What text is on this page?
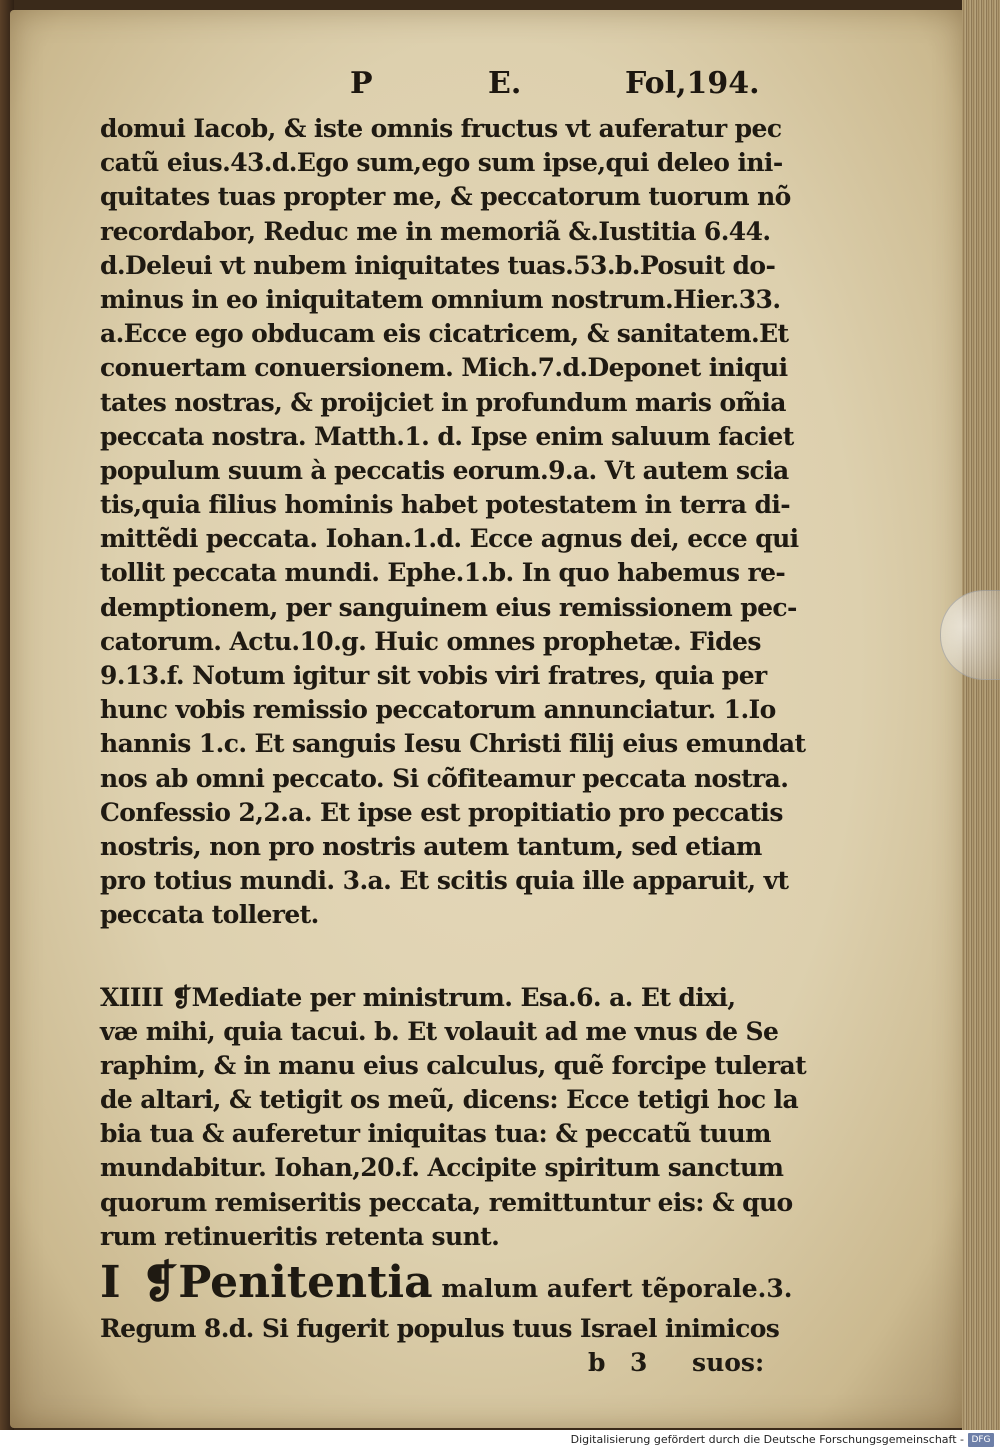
P	E.	Fol,194.
domui Iacob, & iste omnis fructus vt auferatur pec
catũ eius.43.d.Ego sum,ego sum ipse,qui deleo ini-
quitates tuas propter me, & peccatorum tuorum nõ
recordabor, Reduc me in memoriã &.Iustitia 6.44.
d.Deleui vt nubem iniquitates tuas.53.b.Posuit do-
minus in eo iniquitatem omnium nostrum.Hier.33.
a.Ecce ego obducam eis cicatricem, & sanitatem.Et
conuertam conuersionem. Mich.7.d.Deponet iniqui
tates nostras, & proijciet in profundum maris om̃ia
peccata nostra. Matth.1. d. Ipse enim saluum faciet
populum suum à peccatis eorum.9.a. Vt autem scia
tis,quia filius hominis habet potestatem in terra di-
mittẽdi peccata. Iohan.1.d. Ecce agnus dei, ecce qui
tollit peccata mundi. Ephe.1.b. In quo habemus re-
demptionem, per sanguinem eius remissionem pec-
catorum. Actu.10.g. Huic omnes prophetæ. Fides
9.13.f. Notum igitur sit vobis viri fratres, quia per
hunc vobis remissio peccatorum annunciatur. 1.Io
hannis 1.c. Et sanguis Iesu Christi filij eius emundat
nos ab omni peccato. Si cõfiteamur peccata nostra.
Confessio 2,2.a. Et ipse est propitiatio pro peccatis
nostris, non pro nostris autem tantum, sed etiam
pro totius mundi. 3.a. Et scitis quia ille apparuit, vt
peccata tolleret.
XIIII ❡Mediate per ministrum. Esa.6. a. Et dixi,
væ mihi, quia tacui. b. Et volauit ad me vnus de Se
raphim, & in manu eius calculus, quẽ forcipe tulerat
de altari, & tetigit os meũ, dicens: Ecce tetigi hoc la
bia tua & auferetur iniquitas tua: & peccatũ tuum
mundabitur. Iohan,20.f. Accipite spiritum sanctum
quorum remiseritis peccata, remittuntur eis: & quo
rum retinueritis retenta sunt.
I ❡Penitentia malum aufert tẽporale.3.
Regum 8.d. Si fugerit populus tuus Israel inimicos
b 3 suos:
Digitalisierung gefördert durch die Deutsche Forschungsgemeinschaft - DFG
